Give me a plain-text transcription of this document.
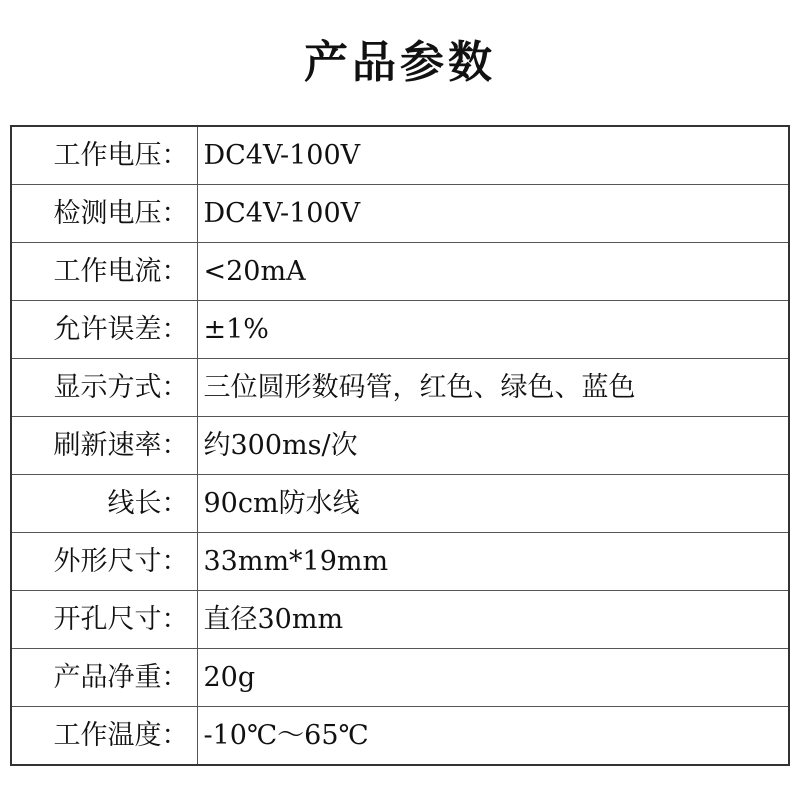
产品参数
工作电压：	DC4V-100V
检测电压：	DC4V-100V
工作电流：	<20mA
允许误差：	±1%
显示方式：	三位圆形数码管，红色、绿色、蓝色
刷新速率：	约300ms/次
线长：	90cm防水线
外形尺寸：	33mm*19mm
开孔尺寸：	直径30mm
产品净重：	20g
工作温度：	-10℃～65℃
